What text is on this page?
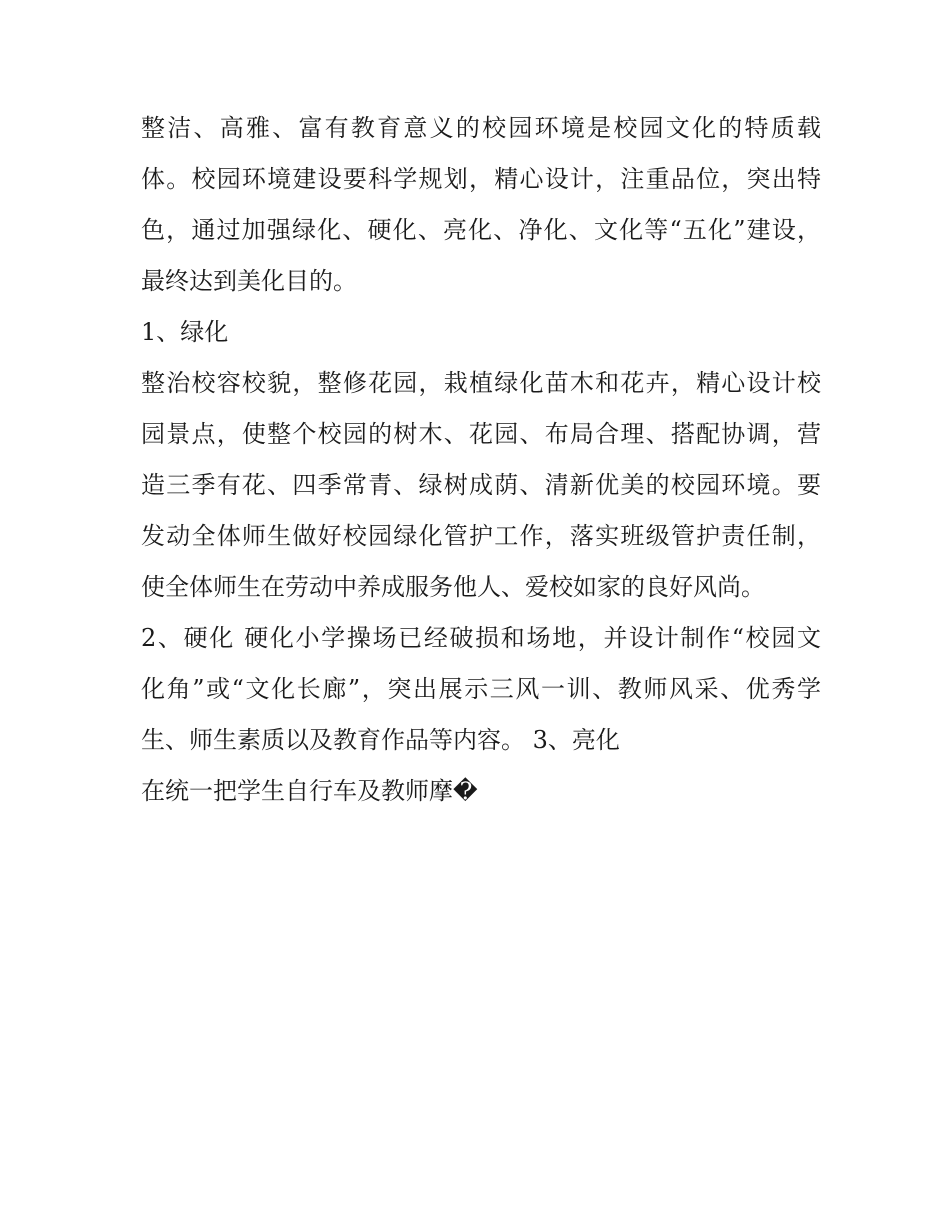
整洁、高雅、富有教育意义的校园环境是校园文化的特质载

体。校园环境建设要科学规划，精心设计，注重品位，突出特

色，通过加强绿化、硬化、亮化、净化、文化等“五化”建设，

最终达到美化目的。

1、绿化

整治校容校貌，整修花园，栽植绿化苗木和花卉，精心设计校

园景点，使整个校园的树木、花园、布局合理、搭配协调，营

造三季有花、四季常青、绿树成荫、清新优美的校园环境。要

发动全体师生做好校园绿化管护工作，落实班级管护责任制，

使全体师生在劳动中养成服务他人、爱校如家的良好风尚。

2、硬化 硬化小学操场已经破损和场地，并设计制作“校园文

化角”或“文化长廊”，突出展示三风一训、教师风采、优秀学

生、师生素质以及教育作品等内容。 3、亮化

在统一把学生自行车及教师摩�
